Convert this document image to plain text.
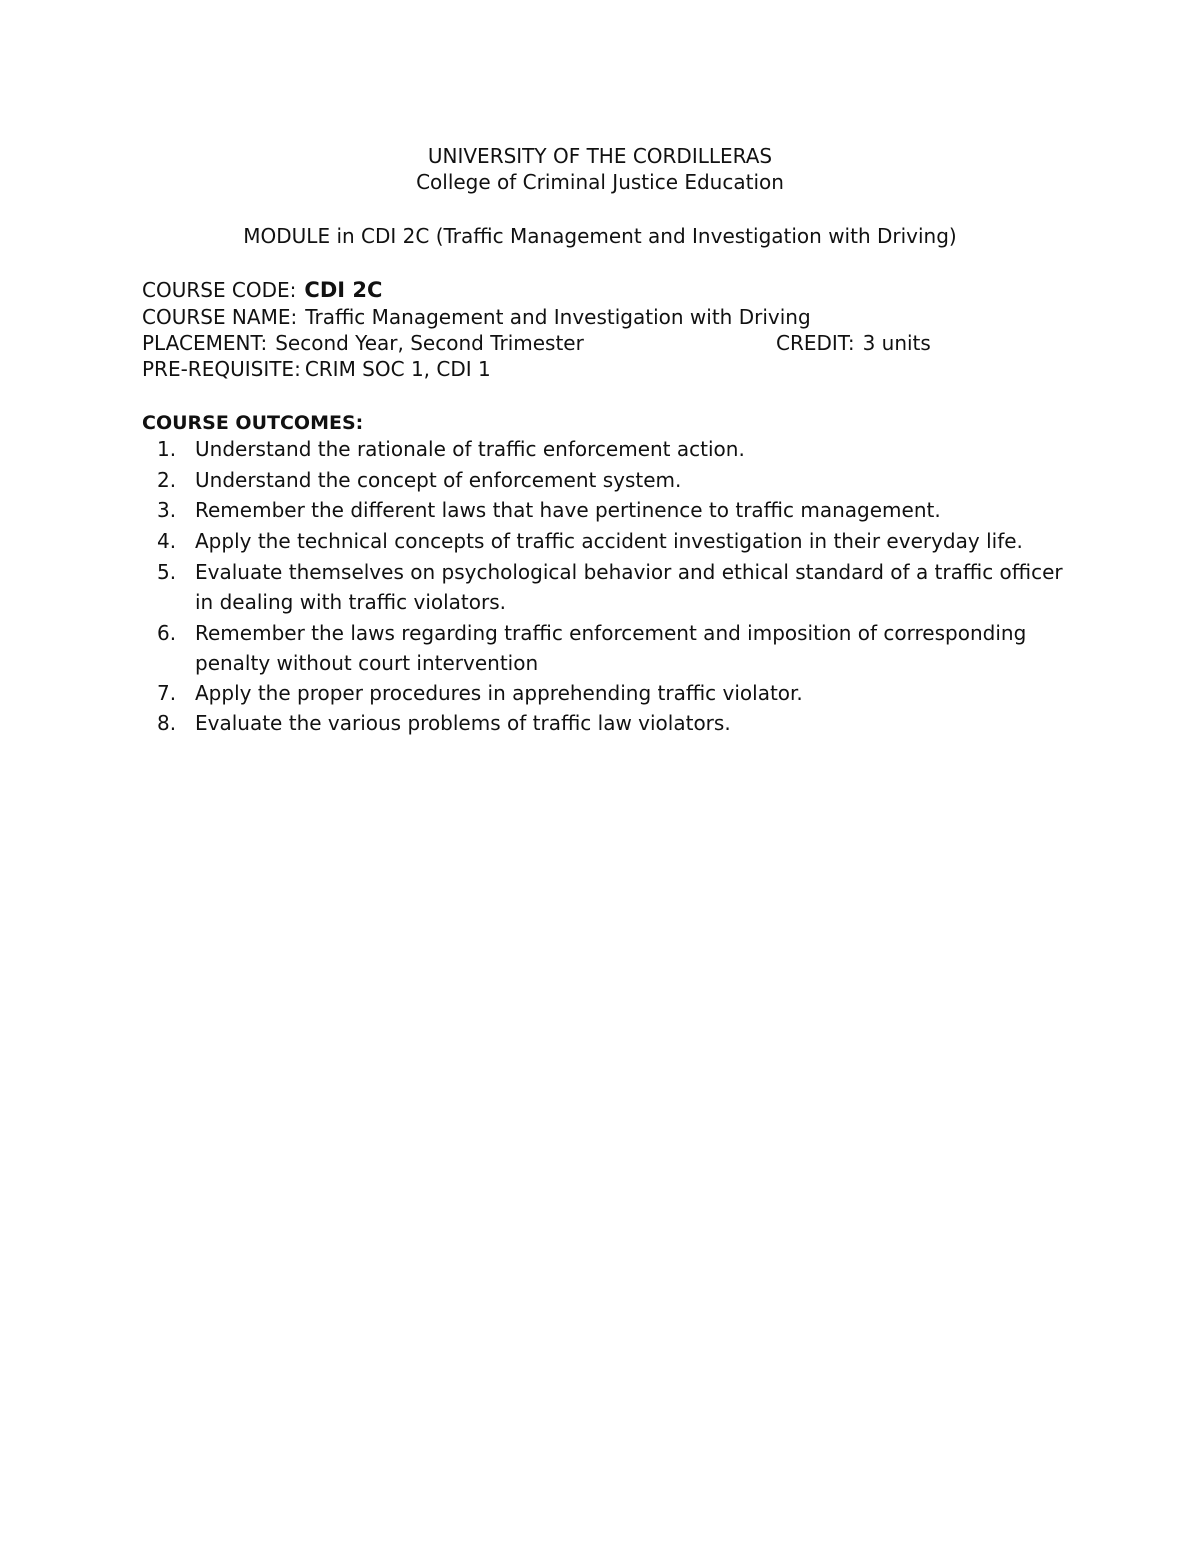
UNIVERSITY OF THE CORDILLERAS
College of Criminal Justice Education
MODULE in CDI 2C (Traffic Management and Investigation with Driving)
COURSE CODE: CDI 2C
COURSE NAME: Traffic Management and Investigation with Driving
PLACEMENT: Second Year, Second Trimester	CREDIT: 3 units
PRE-REQUISITE: CRIM SOC 1, CDI 1
COURSE OUTCOMES:
1. Understand the rationale of traffic enforcement action.
2. Understand the concept of enforcement system.
3. Remember the different laws that have pertinence to traffic management.
4. Apply the technical concepts of traffic accident investigation in their everyday life.
5. Evaluate themselves on psychological behavior and ethical standard of a traffic officer in dealing with traffic violators.
6. Remember the laws regarding traffic enforcement and imposition of corresponding penalty without court intervention
7. Apply the proper procedures in apprehending traffic violator.
8. Evaluate the various problems of traffic law violators.
